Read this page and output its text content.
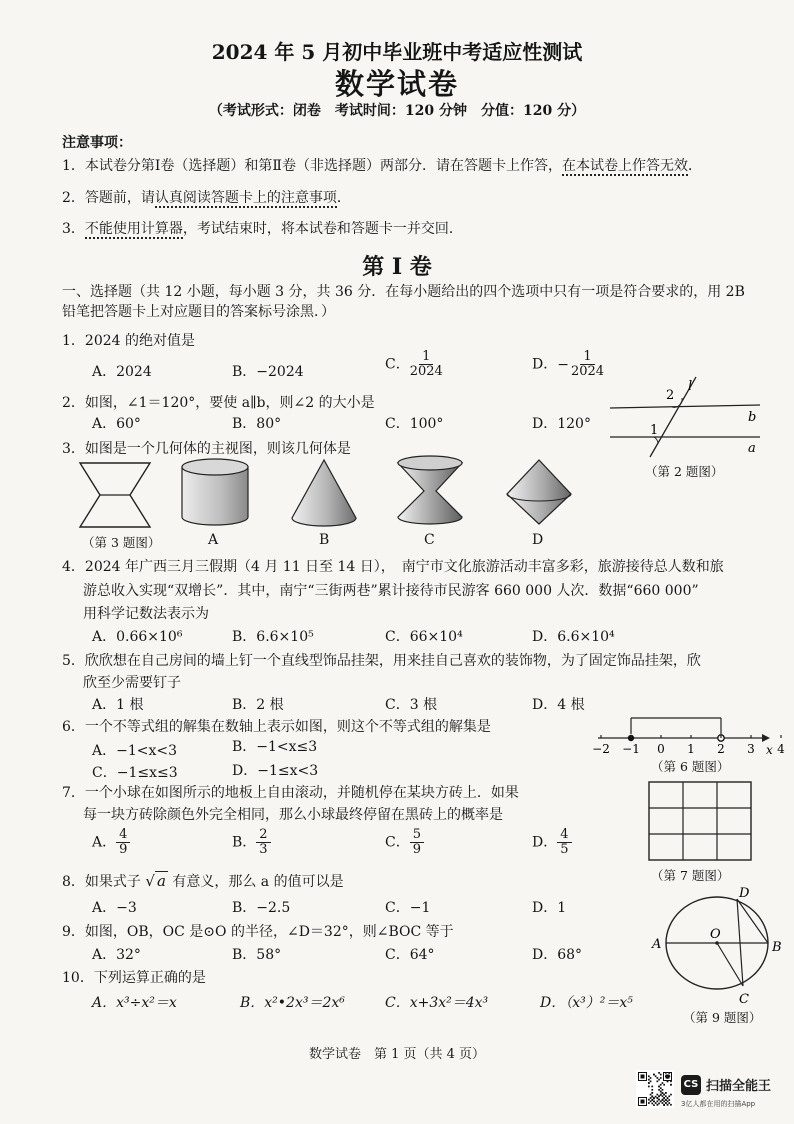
2024 年 5 月初中毕业班中考适应性测试
数学试卷
（考试形式：闭卷　考试时间：120 分钟　分值：120 分）
注意事项：
1．本试卷分第Ⅰ卷（选择题）和第Ⅱ卷（非选择题）两部分．请在答题卡上作答，在本试卷上作答无效．
2．答题前，请认真阅读答题卡上的注意事项．
3．不能使用计算器，考试结束时，将本试卷和答题卡一并交回．
第 I 卷
一、选择题（共 12 小题，每小题 3 分，共 36 分．在每小题给出的四个选项中只有一项是符合要求的，用 2B
铅笔把答题卡上对应题目的答案标号涂黑．）
1．2024 的绝对值是
A．2024	B．−2024	C． $\frac{1}{2024}$	D．− $\frac{1}{2024}$
2．如图，∠1＝120°，要使 a∥b，则∠2 的大小是
A．60°	B．80°	C．100°	D．120°
2
1
l
b
a
（第 2 题图）
3．如图是一个几何体的主视图，则该几何体是
（第 3 题图）	A	B	C	D
4．2024 年广西三月三假期（4 月 11 日至 14 日），　南宁市文化旅游活动丰富多彩，旅游接待总人数和旅
游总收入实现“双增长”．其中，南宁“三街两巷”累计接待市民游客 660 000 人次．数据“660 000”
用科学记数法表示为
A．0.66×10⁶	B．6.6×10⁵	C．66×10⁴	D．6.6×10⁴
5．欣欣想在自己房间的墙上钉一个直线型饰品挂架，用来挂自己喜欢的装饰物，为了固定饰品挂架，欣
欣至少需要钉子
A．1 根	B．2 根	C．3 根	D．4 根
6．一个不等式组的解集在数轴上表示如图，则这个不等式组的解集是
A．−1<x<3	B．−1<x≤3
C．−1≤x≤3	D．−1≤x<3
−2 −1 0 1 2 3 4
x
（第 6 题图）
7．一个小球在如图所示的地板上自由滚动，并随机停在某块方砖上．如果
每一块方砖除颜色外完全相同，那么小球最终停留在黑砖上的概率是
A． $\frac{4}{9}$	B． $\frac{2}{3}$	C． $\frac{5}{9}$	D． $\frac{4}{5}$
（第 7 题图）
8．如果式子 √ a 有意义，那么 a 的值可以是
A．−3	B．−2.5	C．−1	D．1
9．如图，OB，OC 是⊙O 的半径，∠D＝32°，则∠BOC 等于
A．32°	B．58°	C．64°	D．68°
A	B
C
D
O
（第 9 题图）
10．下列运算正确的是
A．x³÷x²＝x	B．x²•2x³＝2x⁶	C．x+3x²＝4x³	D．（x³）²＝x⁵
数学试卷　第 1 页（共 4 页）
CS 扫描全能王
3亿人都在用的扫描App
